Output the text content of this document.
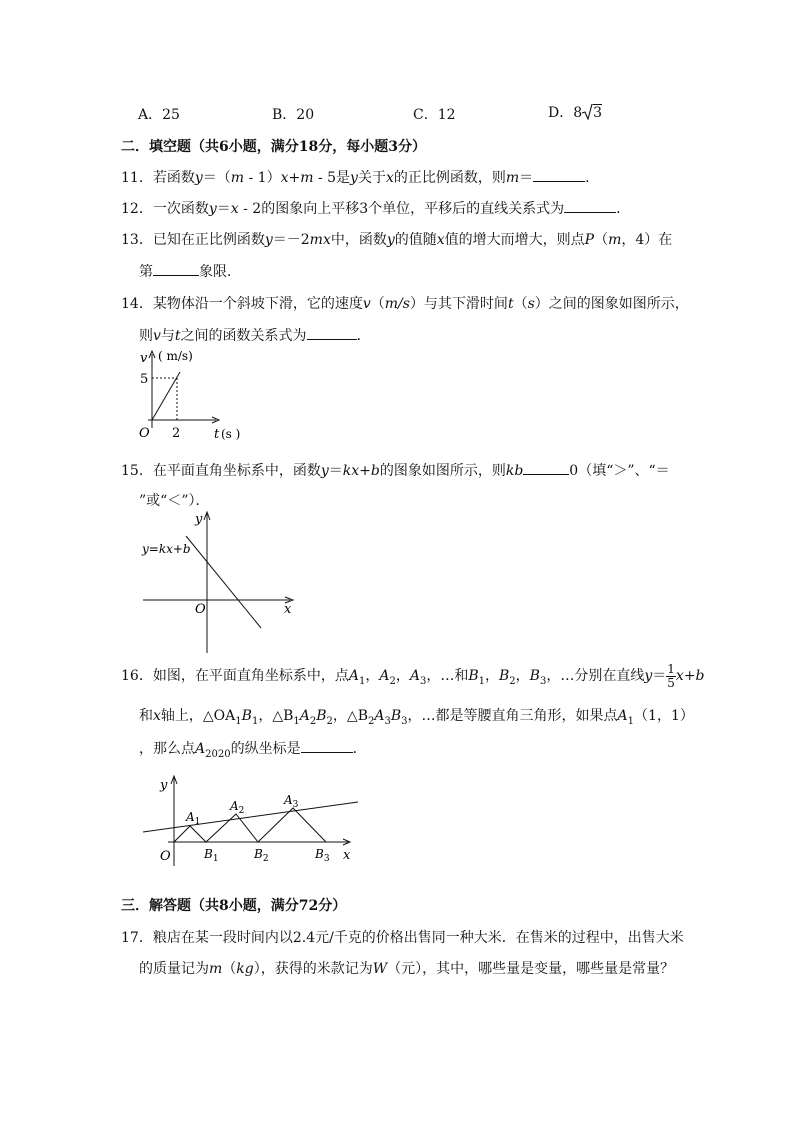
A．25	B．20	C．12	D．8 3
二．填空题（共6小题，满分18分，每小题3分）
11．若函数y＝（m - 1）x+m - 5是y关于x的正比例函数，则m＝	．
12．一次函数y＝x - 2的图象向上平移3个单位，平移后的直线关系式为	．
13．已知在正比例函数y＝－2mx中，函数y的值随x值的增大而增大，则点P（m，4）在
第	象限．
14．某物体沿一个斜坡下滑，它的速度v（m/s）与其下滑时间t（s）之间的图象如图所示，
则v与t之间的函数关系式为	．
v ( m/s)
5
O 2	t (s )
15．在平面直角坐标系中，函数y＝kx+b的图象如图所示，则kb	0（填“＞”、“＝
”或“＜”）．
y
y=kx+b
O	x
16．如图，在平面直角坐标系中，点$A_1$，$A_2$，$A_3$，…和$B_1$，$B_2$，$B_3$，…分别在直线$y= \frac{1}{5} x+b$
和x轴上，$\triangle OA_1B_1$，$\triangle B_1A_2B_2$，$\triangle B_2A_3B_3$，…都是等腰直角三角形，如果点$A_1(1$，1）
，那么点$A_{2020}$的纵坐标是	．
y
$A_1$
$A_2$
$A_3$
O	$B_1$	$B_2$	$B_3$ x
三．解答题（共8小题，满分72分）
17．粮店在某一段时间内以2.4元/千克的价格出售同一种大米．在售米的过程中，出售大米
的质量记为m（kg），获得的米款记为W（元），其中，哪些量是变量，哪些量是常量？
